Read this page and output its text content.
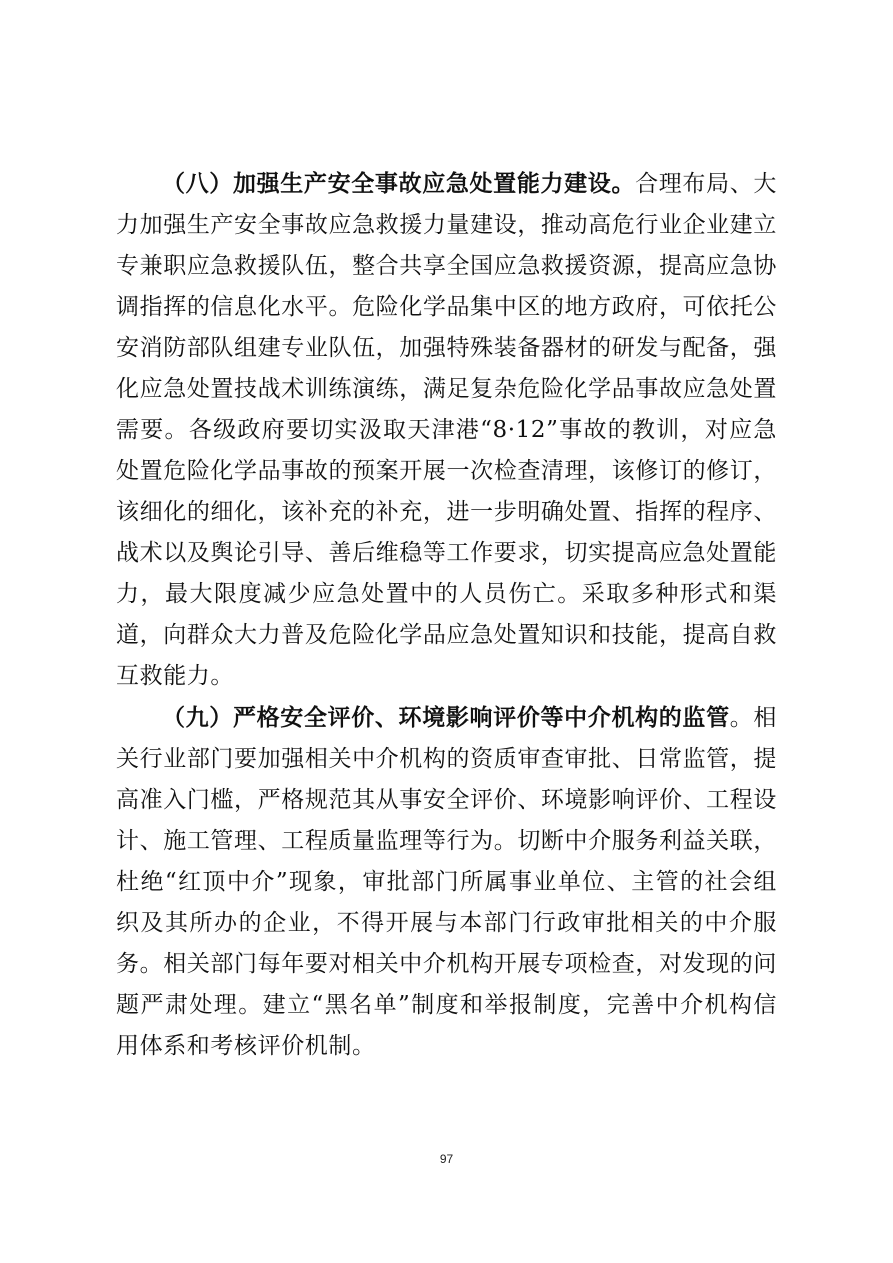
（八）加强生产安全事故应急处置能力建设。合理布局、大力加强生产安全事故应急救援力量建设，推动高危行业企业建立专兼职应急救援队伍，整合共享全国应急救援资源，提高应急协调指挥的信息化水平。危险化学品集中区的地方政府，可依托公安消防部队组建专业队伍，加强特殊装备器材的研发与配备，强化应急处置技战术训练演练，满足复杂危险化学品事故应急处置需要。各级政府要切实汲取天津港“8·12”事故的教训，对应急处置危险化学品事故的预案开展一次检查清理，该修订的修订，该细化的细化，该补充的补充，进一步明确处置、指挥的程序、战术以及舆论引导、善后维稳等工作要求，切实提高应急处置能力，最大限度减少应急处置中的人员伤亡。采取多种形式和渠道，向群众大力普及危险化学品应急处置知识和技能，提高自救互救能力。

（九）严格安全评价、环境影响评价等中介机构的监管。相关行业部门要加强相关中介机构的资质审查审批、日常监管，提高准入门槛，严格规范其从事安全评价、环境影响评价、工程设计、施工管理、工程质量监理等行为。切断中介服务利益关联，杜绝“红顶中介”现象，审批部门所属事业单位、主管的社会组织及其所办的企业，不得开展与本部门行政审批相关的中介服务。相关部门每年要对相关中介机构开展专项检查，对发现的问题严肃处理。建立“黑名单”制度和举报制度，完善中介机构信用体系和考核评价机制。

97
